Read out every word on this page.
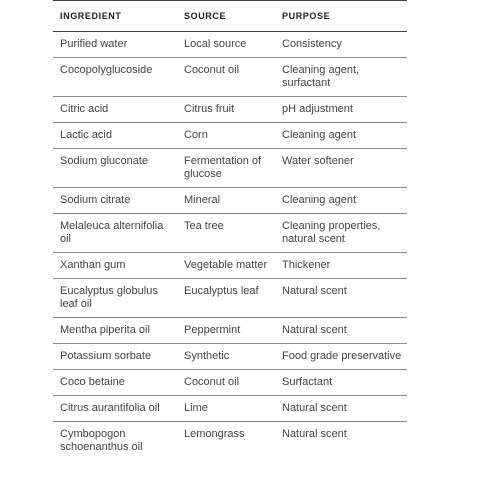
INGREDIENT	SOURCE	PURPOSE
Purified water	Local source	Consistency
Cocopolyglucoside	Coconut oil	Cleaning agent, surfactant
Citric acid	Citrus fruit	pH adjustment
Lactic acid	Corn	Cleaning agent
Sodium gluconate	Fermentation of glucose	Water softener
Sodium citrate	Mineral	Cleaning agent
Melaleuca alternifolia oil	Tea tree	Cleaning properties, natural scent
Xanthan gum	Vegetable matter	Thickener
Eucalyptus globulus leaf oil	Eucalyptus leaf	Natural scent
Mentha piperita oil	Peppermint	Natural scent
Potassium sorbate	Synthetic	Food grade preservative
Coco betaine	Coconut oil	Surfactant
Citrus aurantifolia oil	Lime	Natural scent
Cymbopogon schoenanthus oil	Lemongrass	Natural scent
